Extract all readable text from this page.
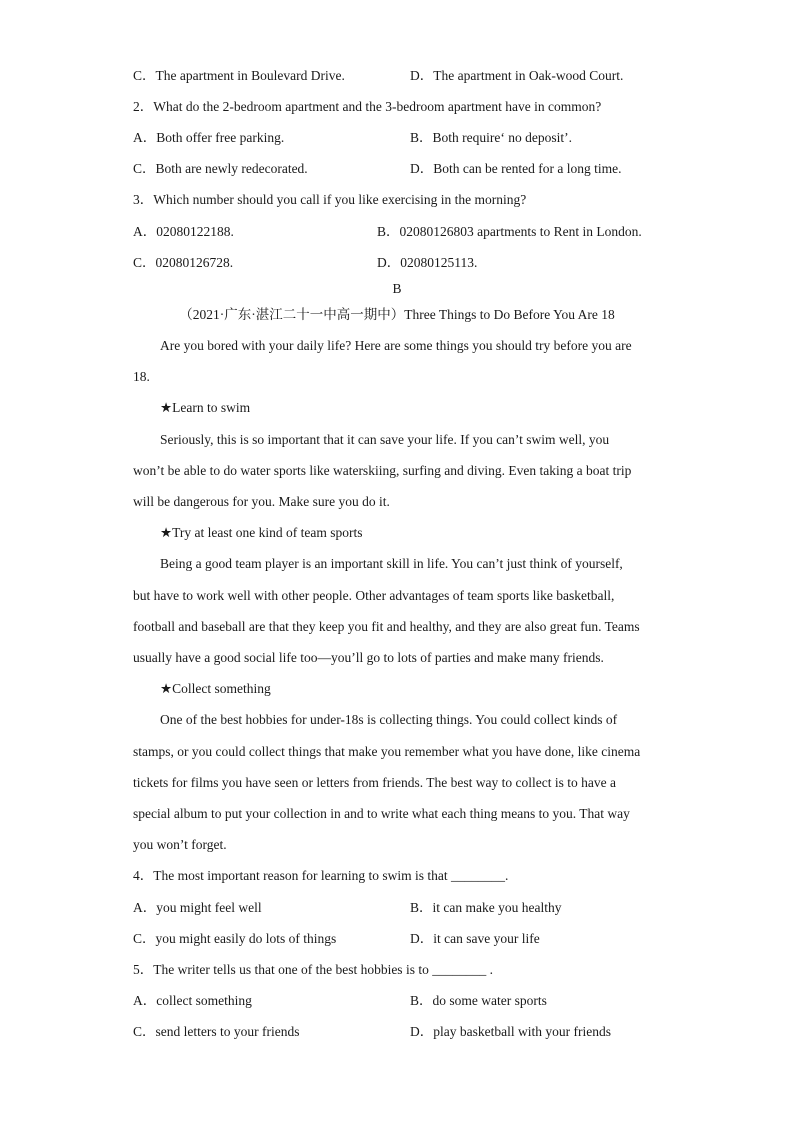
C．The apartment in Boulevard Drive.	D．The apartment in Oak-wood Court.
2．What do the 2-bedroom apartment and the 3-bedroom apartment have in common?
A．Both offer free parking.	B．Both require‘ no deposit’.
C．Both are newly redecorated.	D．Both can be rented for a long time.
3．Which number should you call if you like exercising in the morning?
A．02080122188.	B．02080126803 apartments to Rent in London.
C．02080126728.	D．02080125113.
B
（2021·广东·湛江二十一中高一期中）Three Things to Do Before You Are 18
Are you bored with your daily life? Here are some things you should try before you are
18.
★Learn to swim
Seriously, this is so important that it can save your life. If you can’t swim well, you
won’t be able to do water sports like waterskiing, surfing and diving. Even taking a boat trip
will be dangerous for you. Make sure you do it.
★Try at least one kind of team sports
Being a good team player is an important skill in life. You can’t just think of yourself,
but have to work well with other people. Other advantages of team sports like basketball,
football and baseball are that they keep you fit and healthy, and they are also great fun. Teams
usually have a good social life too—you’ll go to lots of parties and make many friends.
★Collect something
One of the best hobbies for under-18s is collecting things. You could collect kinds of
stamps, or you could collect things that make you remember what you have done, like cinema
tickets for films you have seen or letters from friends. The best way to collect is to have a
special album to put your collection in and to write what each thing means to you. That way
you won’t forget.
4．The most important reason for learning to swim is that ________.
A．you might feel well	B．it can make you healthy
C．you might easily do lots of things	D．it can save your life
5．The writer tells us that one of the best hobbies is to ________ .
A．collect something	B．do some water sports
C．send letters to your friends	D．play basketball with your friends
